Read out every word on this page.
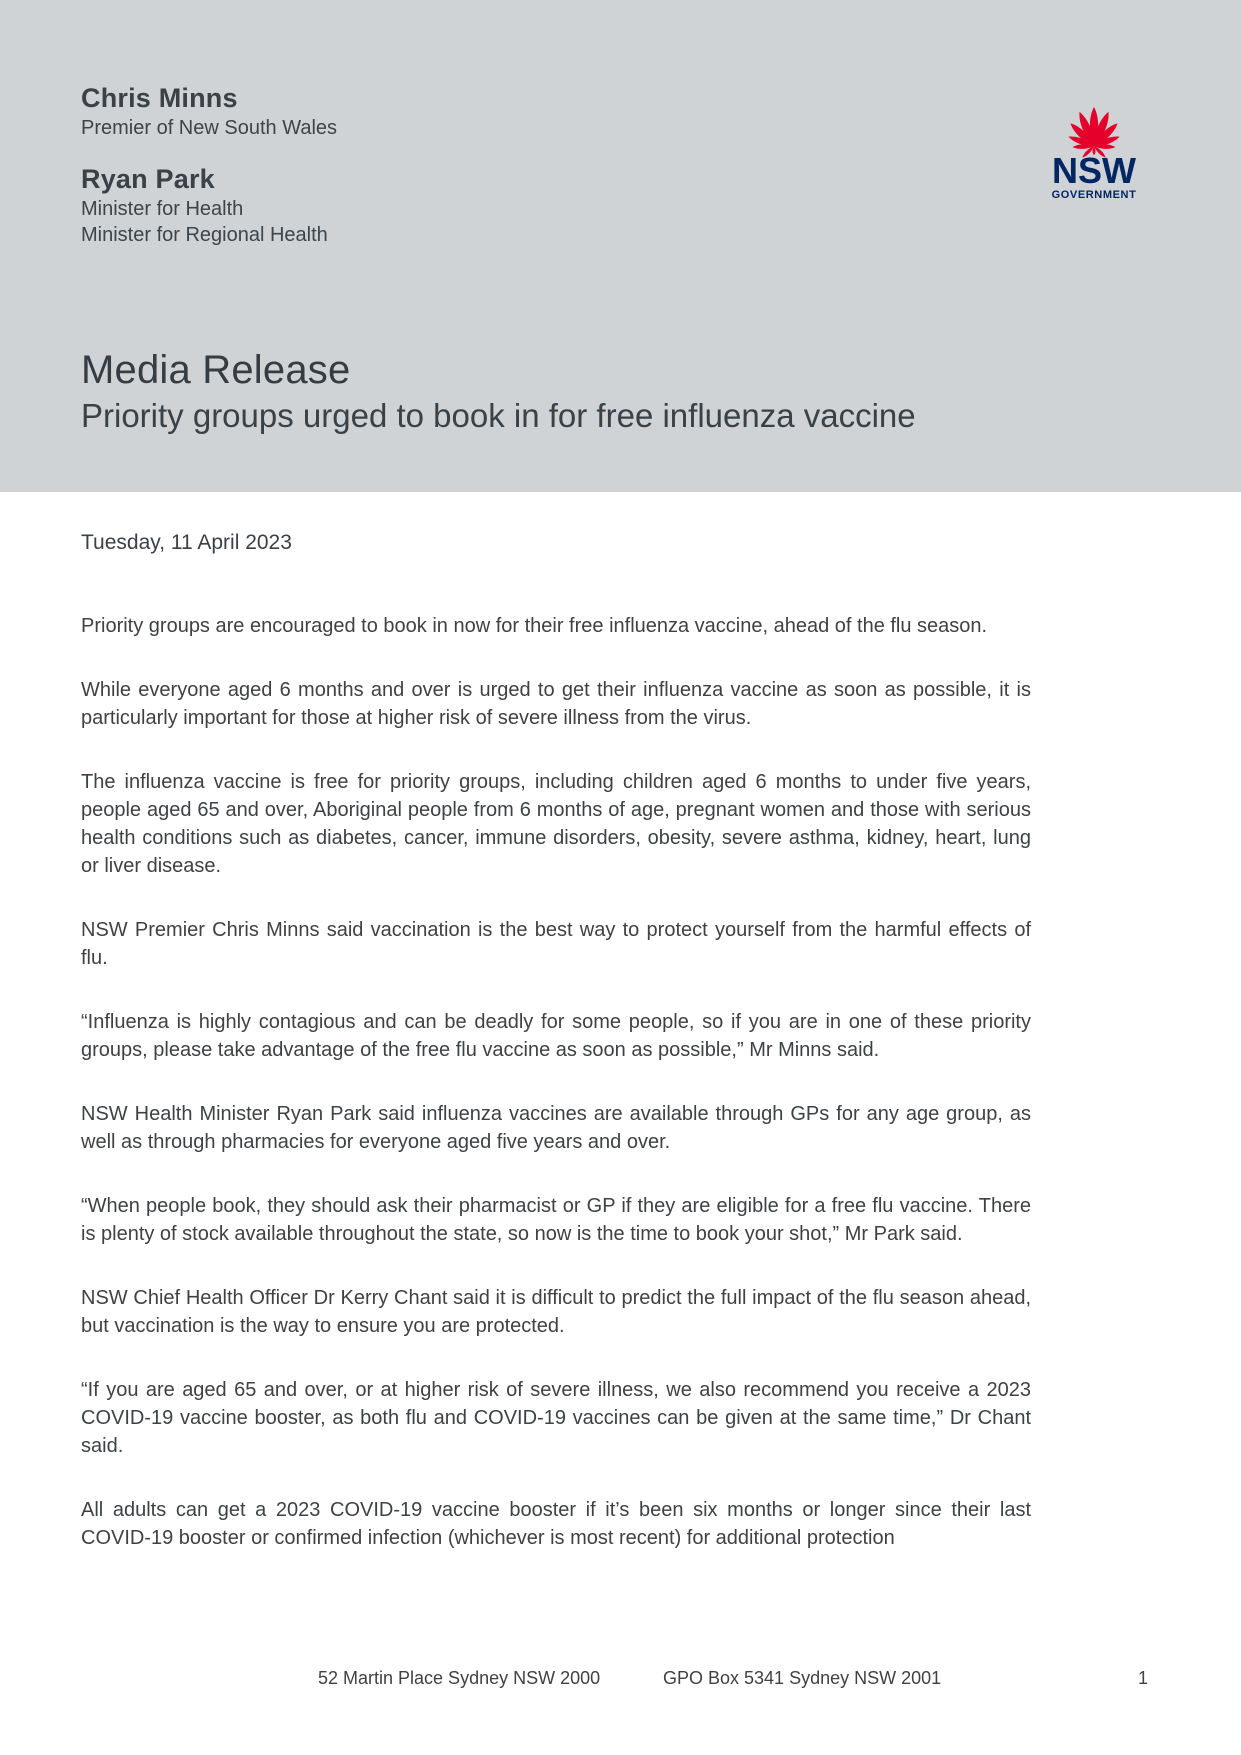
Chris Minns
Premier of New South Wales
Ryan Park
Minister for Health
Minister for Regional Health
NSW
GOVERNMENT
Media Release
Priority groups urged to book in for free influenza vaccine
Tuesday, 11 April 2023

Priority groups are encouraged to book in now for their free influenza vaccine, ahead of the flu season.

While everyone aged 6 months and over is urged to get their influenza vaccine as soon as possible, it is particularly important for those at higher risk of severe illness from the virus.

The influenza vaccine is free for priority groups, including children aged 6 months to under five years, people aged 65 and over, Aboriginal people from 6 months of age, pregnant women and those with serious health conditions such as diabetes, cancer, immune disorders, obesity, severe asthma, kidney, heart, lung or liver disease.

NSW Premier Chris Minns said vaccination is the best way to protect yourself from the harmful effects of flu.

“Influenza is highly contagious and can be deadly for some people, so if you are in one of these priority groups, please take advantage of the free flu vaccine as soon as possible,” Mr Minns said.

NSW Health Minister Ryan Park said influenza vaccines are available through GPs for any age group, as well as through pharmacies for everyone aged five years and over.

“When people book, they should ask their pharmacist or GP if they are eligible for a free flu vaccine. There is plenty of stock available throughout the state, so now is the time to book your shot,” Mr Park said.

NSW Chief Health Officer Dr Kerry Chant said it is difficult to predict the full impact of the flu season ahead, but vaccination is the way to ensure you are protected.

“If you are aged 65 and over, or at higher risk of severe illness, we also recommend you receive a 2023 COVID-19 vaccine booster, as both flu and COVID-19 vaccines can be given at the same time,” Dr Chant said.

All adults can get a 2023 COVID-19 vaccine booster if it’s been six months or longer since their last COVID-19 booster or confirmed infection (whichever is most recent) for additional protection

52 Martin Place Sydney NSW 2000	GPO Box 5341 Sydney NSW 2001	1
